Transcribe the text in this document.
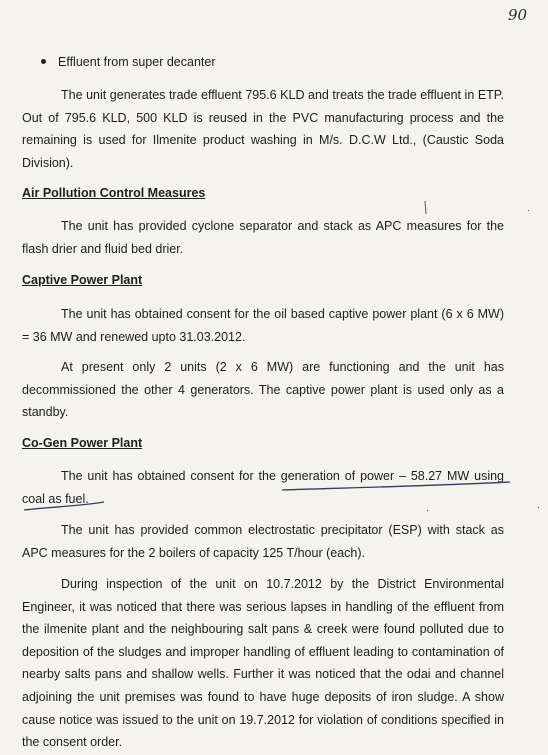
90
Effluent from super decanter

The unit generates trade effluent 795.6 KLD and treats the trade effluent in ETP. Out of 795.6 KLD, 500 KLD is reused in the PVC manufacturing process and the remaining is used for Ilmenite product washing in M/s. D.C.W Ltd., (Caustic Soda Division).

Air Pollution Control Measures

The unit has provided cyclone separator and stack as APC measures for the flash drier and fluid bed drier.

Captive Power Plant

The unit has obtained consent for the oil based captive power plant (6 x 6 MW) = 36 MW and renewed upto 31.03.2012.

At present only 2 units (2 x 6 MW) are functioning and the unit has decommissioned the other 4 generators. The captive power plant is used only as a standby.

Co-Gen Power Plant

The unit has obtained consent for the generation of power – 58.27 MW using coal as fuel.

The unit has provided common electrostatic precipitator (ESP) with stack as APC measures for the 2 boilers of capacity 125 T/hour (each).

During inspection of the unit on 10.7.2012 by the District Environmental Engineer, it was noticed that there was serious lapses in handling of the effluent from the ilmenite plant and the neighbouring salt pans & creek were found polluted due to deposition of the sludges and improper handling of effluent leading to contamination of nearby salts pans and shallow wells. Further it was noticed that the odai and channel adjoining the unit premises was found to have huge deposits of iron sludge. A show cause notice was issued to the unit on 19.7.2012 for violation of conditions specified in the consent order.

·
·
·
